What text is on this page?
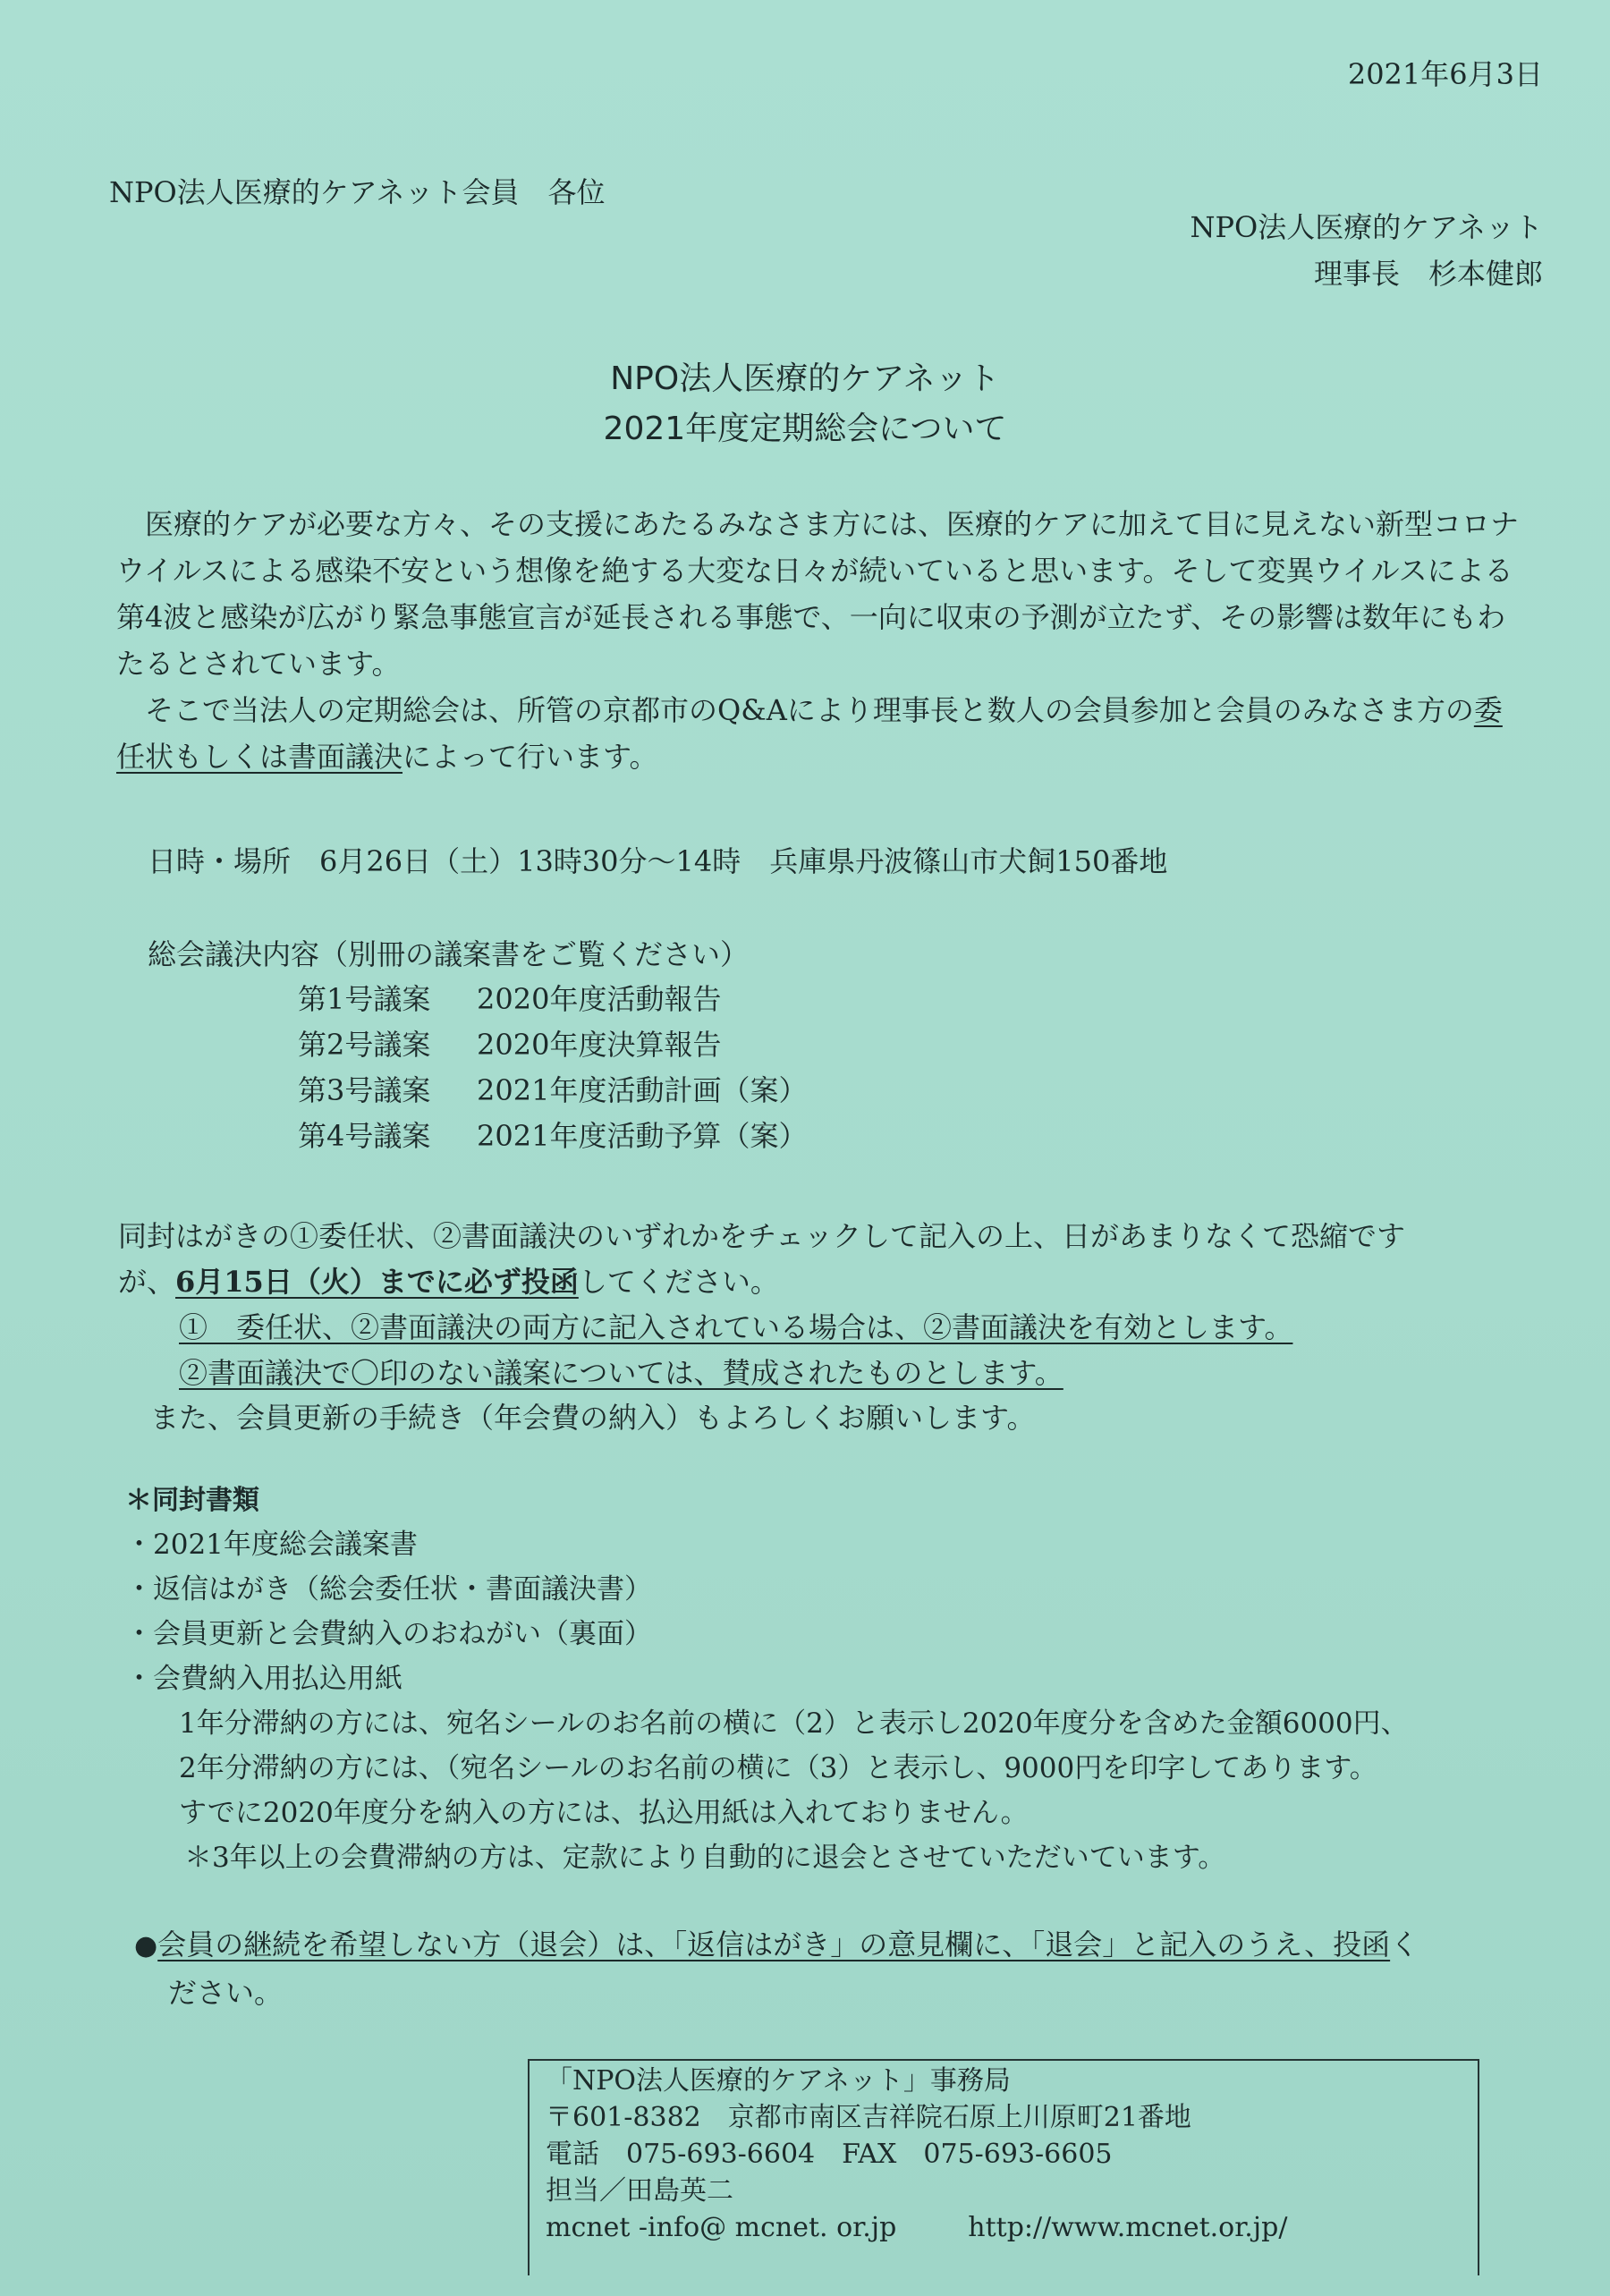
2021年6月3日
NPO法人医療的ケアネット会員　各位
NPO法人医療的ケアネット
理事長　杉本健郎
NPO法人医療的ケアネット
2021年度定期総会について

医療的ケアが必要な方々、その支援にあたるみなさま方には、医療的ケアに加えて目に見えない新型コロナウイルスによる感染不安という想像を絶する大変な日々が続いていると思います。そして変異ウイルスによる第4波と感染が広がり緊急事態宣言が延長される事態で、一向に収束の予測が立たず、その影響は数年にもわたるとされています。

そこで当法人の定期総会は、所管の京都市のQ&Aにより理事長と数人の会員参加と会員のみなさま方の委任状もしくは書面議決によって行います。

日時・場所　6月26日（土）13時30分～14時　兵庫県丹波篠山市犬飼150番地
総会議決内容（別冊の議案書をご覧ください）
第1号議案 2020年度活動報告
第2号議案 2020年度決算報告
第3号議案 2021年度活動計画（案）
第4号議案 2021年度活動予算（案）
同封はがきの①委任状、②書面議決のいずれかをチェックして記入の上、日があまりなくて恐縮です
が、6月15日（火）までに必ず投函してください。
①　委任状、②書面議決の両方に記入されている場合は、②書面議決を有効とします。
②書面議決で〇印のない議案については、賛成されたものとします。
また、会員更新の手続き（年会費の納入）もよろしくお願いします。
＊同封書類
・2021年度総会議案書
・返信はがき（総会委任状・書面議決書）
・会員更新と会費納入のおねがい（裏面）
・会費納入用払込用紙
1年分滞納の方には、宛名シールのお名前の横に（2）と表示し2020年度分を含めた金額6000円、
2年分滞納の方には、（宛名シールのお名前の横に（3）と表示し、9000円を印字してあります。
すでに2020年度分を納入の方には、払込用紙は入れておりません。
＊3年以上の会費滞納の方は、定款により自動的に退会とさせていただいています。
●会員の継続を希望しない方（退会）は、「返信はがき」の意見欄に、「退会」と記入のうえ、投函く
ださい。
「NPO法人医療的ケアネット」事務局
〒601-8382　京都市南区吉祥院石原上川原町21番地
電話　075-693-6604　FAX　075-693-6605
担当／田島英二
mcnet -info@ mcnet. or.jp	http://www.mcnet.or.jp/
